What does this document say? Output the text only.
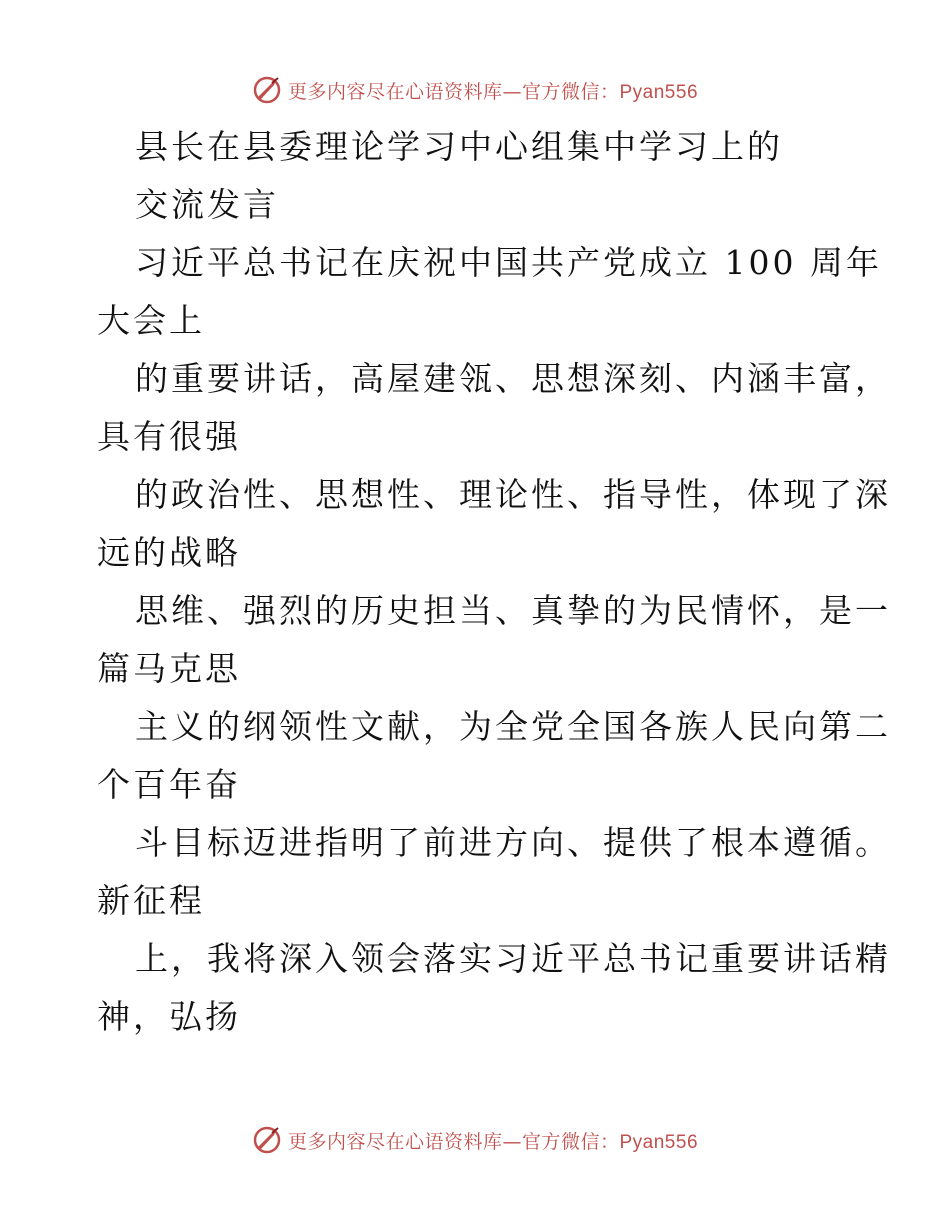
更多内容尽在心语资料库—官方微信：Pyan556
县长在县委理论学习中心组集中学习上的
交流发言
习近平总书记在庆祝中国共产党成立 100 周年
大会上
的重要讲话，高屋建瓴、思想深刻、内涵丰富，
具有很强
的政治性、思想性、理论性、指导性，体现了深
远的战略
思维、强烈的历史担当、真挚的为民情怀，是一
篇马克思
主义的纲领性文献，为全党全国各族人民向第二
个百年奋
斗目标迈进指明了前进方向、提供了根本遵循。
新征程
上，我将深入领会落实习近平总书记重要讲话精
神，弘扬
更多内容尽在心语资料库—官方微信：Pyan556
